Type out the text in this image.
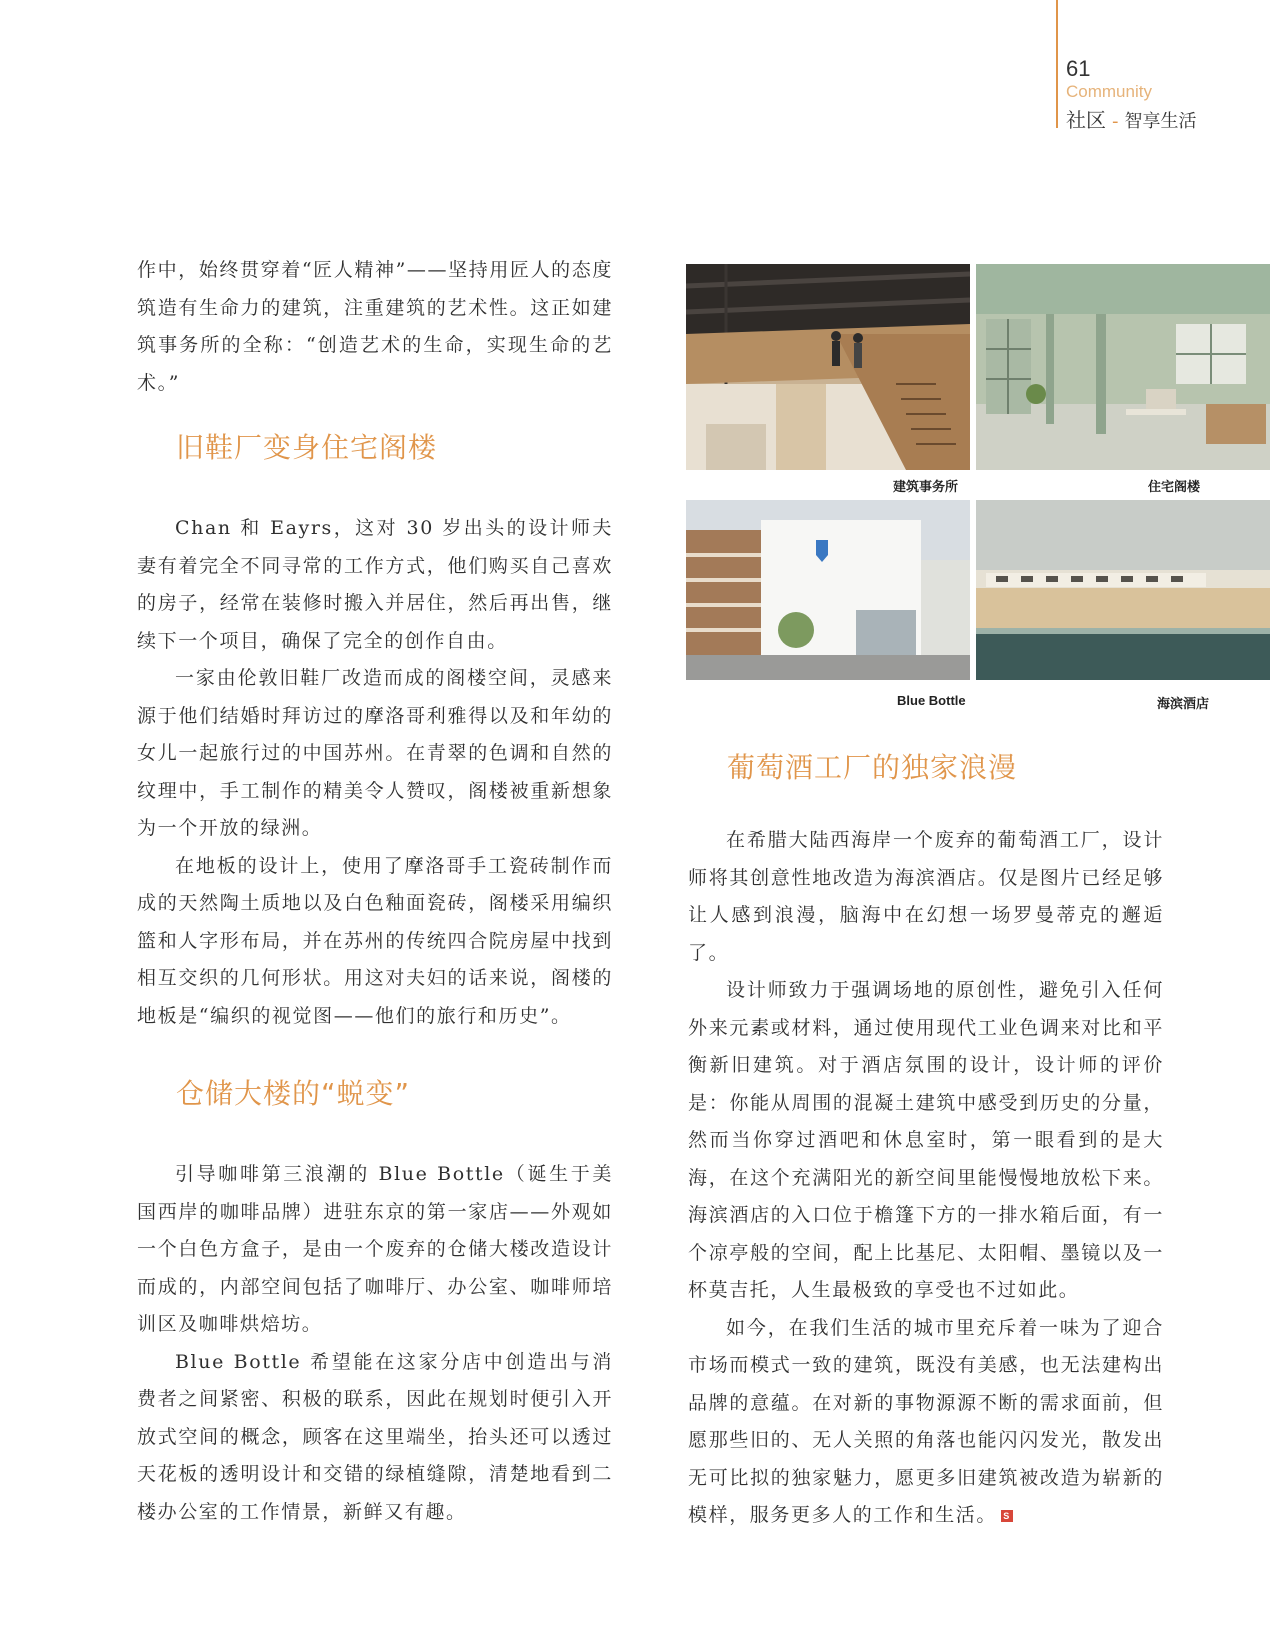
61
Community
社区 - 智享生活

作中，始终贯穿着“匠人精神”——坚持用匠人的态度筑造有生命力的建筑，注重建筑的艺术性。这正如建筑事务所的全称：“创造艺术的生命，实现生命的艺术。”

旧鞋厂变身住宅阁楼

Chan 和 Eayrs，这对 30 岁出头的设计师夫妻有着完全不同寻常的工作方式，他们购买自己喜欢的房子，经常在装修时搬入并居住，然后再出售，继续下一个项目，确保了完全的创作自由。

一家由伦敦旧鞋厂改造而成的阁楼空间，灵感来源于他们结婚时拜访过的摩洛哥利雅得以及和年幼的女儿一起旅行过的中国苏州。在青翠的色调和自然的纹理中，手工制作的精美令人赞叹，阁楼被重新想象为一个开放的绿洲。

在地板的设计上，使用了摩洛哥手工瓷砖制作而成的天然陶土质地以及白色釉面瓷砖，阁楼采用编织篮和人字形布局，并在苏州的传统四合院房屋中找到相互交织的几何形状。用这对夫妇的话来说，阁楼的地板是“编织的视觉图——他们的旅行和历史”。

仓储大楼的“蜕变”

引导咖啡第三浪潮的 Blue Bottle（诞生于美国西岸的咖啡品牌）进驻东京的第一家店——外观如一个白色方盒子，是由一个废弃的仓储大楼改造设计而成的，内部空间包括了咖啡厅、办公室、咖啡师培训区及咖啡烘焙坊。

Blue Bottle 希望能在这家分店中创造出与消费者之间紧密、积极的联系，因此在规划时便引入开放式空间的概念，顾客在这里端坐，抬头还可以透过天花板的透明设计和交错的绿植缝隙，清楚地看到二楼办公室的工作情景，新鲜又有趣。

建筑事务所	住宅阁楼
Blue Bottle	海滨酒店
葡萄酒工厂的独家浪漫

在希腊大陆西海岸一个废弃的葡萄酒工厂，设计师将其创意性地改造为海滨酒店。仅是图片已经足够让人感到浪漫，脑海中在幻想一场罗曼蒂克的邂逅了。

设计师致力于强调场地的原创性，避免引入任何外来元素或材料，通过使用现代工业色调来对比和平衡新旧建筑。对于酒店氛围的设计，设计师的评价是：你能从周围的混凝土建筑中感受到历史的分量，然而当你穿过酒吧和休息室时，第一眼看到的是大海，在这个充满阳光的新空间里能慢慢地放松下来。海滨酒店的入口位于檐篷下方的一排水箱后面，有一个凉亭般的空间，配上比基尼、太阳帽、墨镜以及一杯莫吉托，人生最极致的享受也不过如此。

如今，在我们生活的城市里充斥着一味为了迎合市场而模式一致的建筑，既没有美感，也无法建构出品牌的意蕴。在对新的事物源源不断的需求面前，但愿那些旧的、无人关照的角落也能闪闪发光，散发出无可比拟的独家魅力，愿更多旧建筑被改造为崭新的模样，服务更多人的工作和生活。 S
